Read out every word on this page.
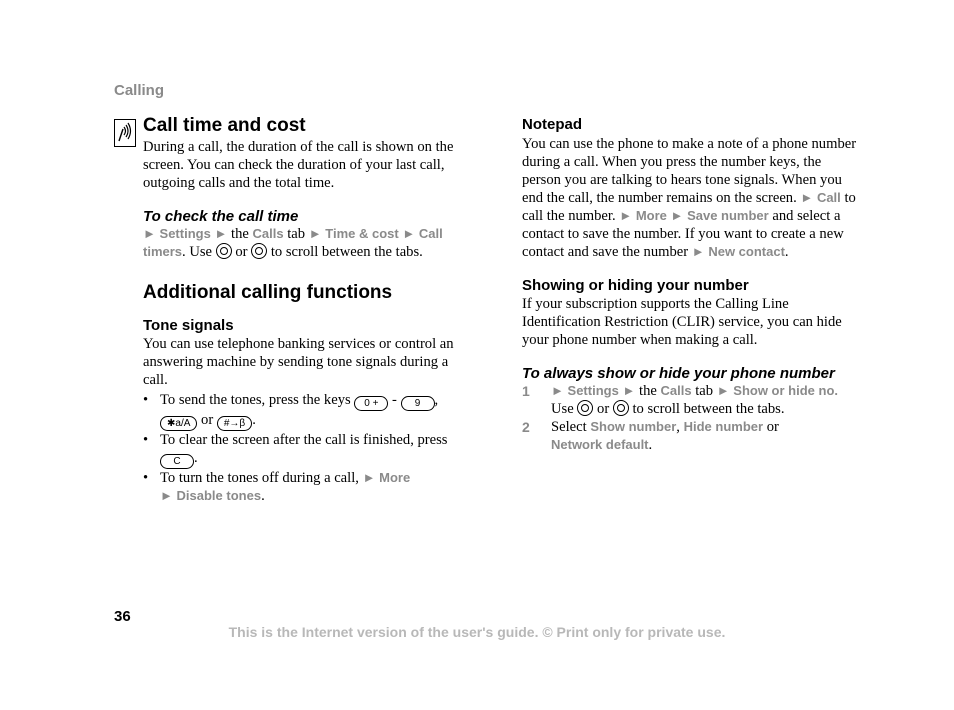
Calling
Call time and cost

During a call, the duration of the call is shown on the screen. You can check the duration of your last call, outgoing calls and the total time.

To check the call time

► Settings ► the Calls tab ► Time & cost ► Call timers. Use or to scroll between the tabs.

Additional calling functions
Tone signals

You can use telephone banking services or control an answering machine by sending tone signals during a call.

• To send the tones, press the keys 0 + - 9 , ✱a/A or #→β .
• To clear the screen after the call is finished, press C .
• To turn the tones off during a call, ► More
► Disable tones.
Notepad

You can use the phone to make a note of a phone number during a call. When you press the number keys, the person you are talking to hears tone signals. When you end the call, the number remains on the screen. ► Call to call the number. ► More ► Save number and select a contact to save the number. If you want to create a new contact and save the number ► New contact.

Showing or hiding your number

If your subscription supports the Calling Line Identification Restriction (CLIR) service, you can hide your phone number when making a call.

To always show or hide your phone number
1 ► Settings ► the Calls tab ► Show or hide no.
Use or to scroll between the tabs.
2 Select Show number, Hide number or
Network default.
36
This is the Internet version of the user's guide. © Print only for private use.
